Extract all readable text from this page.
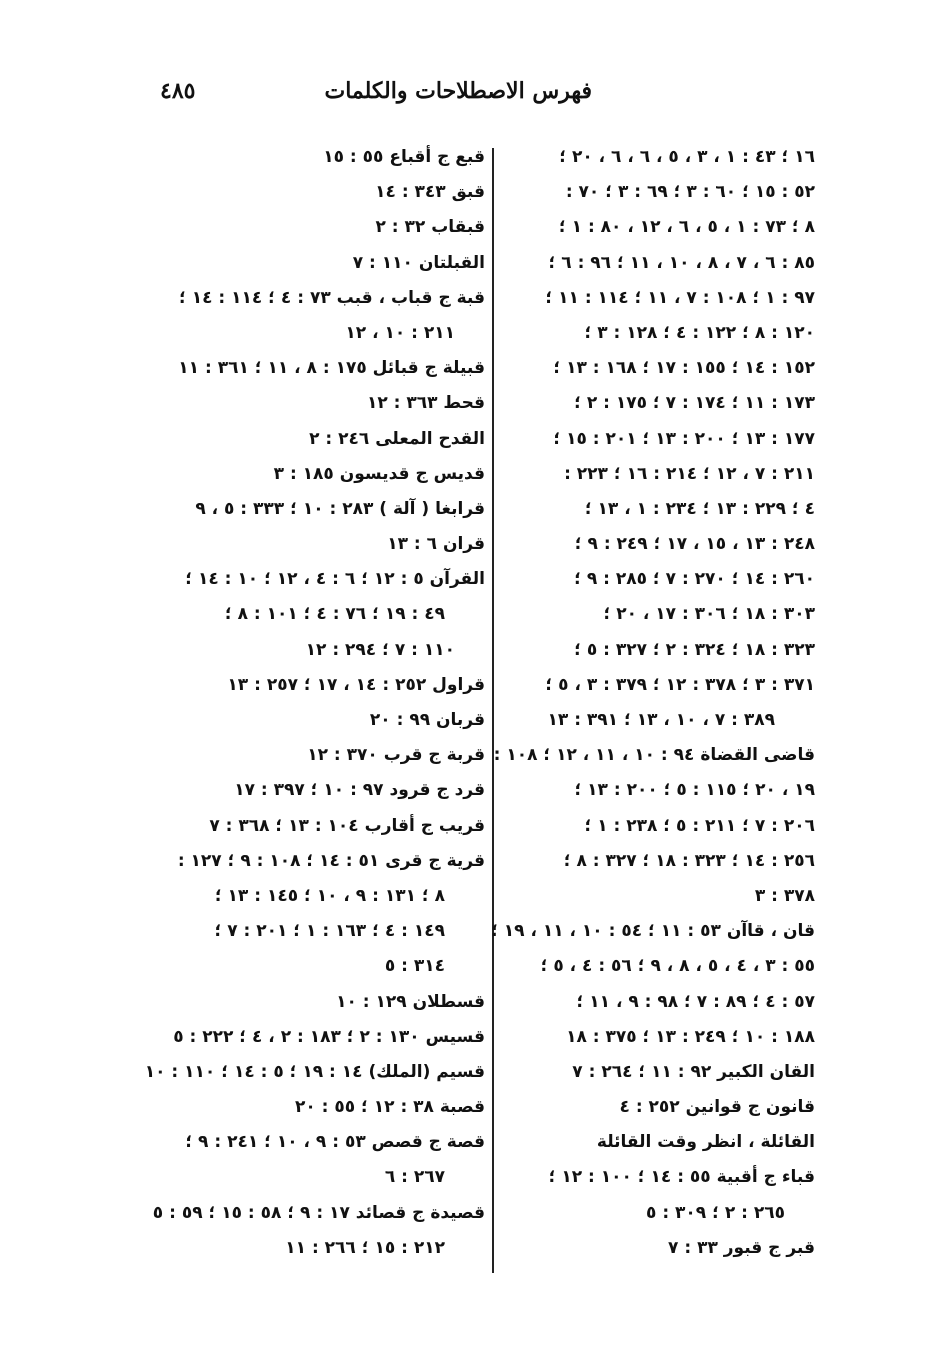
فهرس الاصطلاحات والكلمات
٤٨٥
١٦ ؛ ٤٣ : ١ ، ٣ ، ٥ ، ٦ ، ٦ ، ٢٠ ؛
٥٢ : ١٥ ؛ ٦٠ : ٣ ؛ ٦٩ : ٣ ؛ ٧٠ :
٨ ؛ ٧٣ : ١ ، ٥ ، ٦ ، ١٢ ، ٨٠ : ١ ؛
٨٥ : ٦ ، ٧ ، ٨ ، ١٠ ، ١١ ؛ ٩٦ : ٦ ؛
٩٧ : ١ ؛ ١٠٨ : ٧ ، ١١ ؛ ١١٤ : ١١ ؛
١٢٠ : ٨ ؛ ١٢٢ : ٤ ؛ ١٢٨ : ٣ ؛
١٥٢ : ١٤ ؛ ١٥٥ : ١٧ ؛ ١٦٨ : ١٣ ؛
١٧٣ : ١١ ؛ ١٧٤ : ٧ ؛ ١٧٥ : ٢ ؛
١٧٧ : ١٣ ؛ ٢٠٠ : ١٣ ؛ ٢٠١ : ١٥ ؛
٢١١ : ٧ ، ١٢ ؛ ٢١٤ : ١٦ ؛ ٢٢٣ :
٤ ؛ ٢٢٩ : ١٣ ؛ ٢٣٤ : ١ ، ١٣ ؛
٢٤٨ : ١٣ ، ١٥ ، ١٧ ؛ ٢٤٩ : ٩ ؛
٢٦٠ : ١٤ ؛ ٢٧٠ : ٧ ؛ ٢٨٥ : ٩ ؛
٣٠٣ : ١٨ ؛ ٣٠٦ : ١٧ ، ٢٠ ؛
٣٢٣ : ١٨ ؛ ٣٢٤ : ٢ ؛ ٣٢٧ : ٥ ؛
٣٧١ : ٣ ؛ ٣٧٨ : ١٢ ؛ ٣٧٩ : ٣ ، ٥ ؛
٣٨٩ : ٧ ، ١٠ ، ١٣ ؛ ٣٩١ : ١٣
قاضى القضاة ٩٤ : ١٠ ، ١١ ، ١٢ ؛ ١٠٨ :
١٩ ، ٢٠ ؛ ١١٥ : ٥ ؛ ٢٠٠ : ١٣ ؛
٢٠٦ : ٧ ؛ ٢١١ : ٥ ؛ ٢٣٨ : ١ ؛
٢٥٦ : ١٤ ؛ ٣٢٣ : ١٨ ؛ ٣٢٧ : ٨ ؛
٣٧٨ : ٣
قان ، قاآن ٥٣ : ١١ ؛ ٥٤ : ١٠ ، ١١ ، ١٩ ؛
٥٥ : ٣ ، ٤ ، ٥ ، ٨ ، ٩ ؛ ٥٦ : ٤ ، ٥ ؛
٥٧ : ٤ ؛ ٨٩ : ٧ ؛ ٩٨ : ٩ ، ١١ ؛
١٨٨ : ١٠ ؛ ٢٤٩ : ١٣ ؛ ٣٧٥ : ١٨
القان الكبير ٩٢ : ١١ ؛ ٢٦٤ : ٧
قانون ج قوانين ٢٥٢ : ٤
القائلة ، انظر وقت القائلة
قباء ج أقبية ٥٥ : ١٤ ؛ ١٠٠ : ١٢ ؛
٢٦٥ : ٢ ؛ ٣٠٩ : ٥
قبر ج قبور ٣٣ : ٧
قبع ج أقباع ٥٥ : ١٥
قبق ٣٤٣ : ١٤
قبقاب ٣٢ : ٢
القبلتان ١١٠ : ٧
قبة ج قباب ، قبب ٧٣ : ٤ ؛ ١١٤ : ١٤ ؛
٢١١ : ١٠ ، ١٢
قبيلة ج قبائل ١٧٥ : ٨ ، ١١ ؛ ٣٦١ : ١١
قحط ٣٦٣ : ١٢
القدح المعلى ٢٤٦ : ٢
قديس ج قديسون ١٨٥ : ٣
قرابغا ( آلة ) ٢٨٣ : ١٠ ؛ ٣٣٣ : ٥ ، ٩
قران ٦ : ١٣
القرآن ٥ : ١٢ ؛ ٦ : ٤ ، ١٢ ؛ ١٠ : ١٤ ؛
٤٩ : ١٩ ؛ ٧٦ : ٤ ؛ ١٠١ : ٨ ؛
١١٠ : ٧ ؛ ٢٩٤ : ١٢
قراول ٢٥٢ : ١٤ ، ١٧ ؛ ٢٥٧ : ١٣
قربان ٩٩ : ٢٠
قربة ج قرب ٣٧٠ : ١٢
قرد ج قرود ٩٧ : ١٠ ؛ ٣٩٧ : ١٧
قريب ج أقارب ١٠٤ : ١٣ ؛ ٣٦٨ : ٧
قرية ج قرى ٥١ : ١٤ ؛ ١٠٨ : ٩ ؛ ١٢٧ :
٨ ؛ ١٣١ : ٩ ، ١٠ ؛ ١٤٥ : ١٣ ؛
١٤٩ : ٤ ؛ ١٦٣ : ١ ؛ ٢٠١ : ٧ ؛
٣١٤ : ٥
قسطلان ١٢٩ : ١٠
قسيس ١٣٠ : ٢ ؛ ١٨٣ : ٢ ، ٤ ؛ ٢٢٢ : ٥
قسيم (الملك) ١٤ : ١٩ ؛ ٥ : ١٤ ؛ ١١٠ : ١٠
قصبة ٣٨ : ١٢ ؛ ٥٥ : ٢٠
قصة ج قصص ٥٣ : ٩ ، ١٠ ؛ ٢٤١ : ٩ ؛
٢٦٧ : ٦
قصيدة ج قصائد ١٧ : ٩ ؛ ٥٨ : ١٥ ؛ ٥٩ : ٥
٢١٢ : ١٥ ؛ ٢٦٦ : ١١
